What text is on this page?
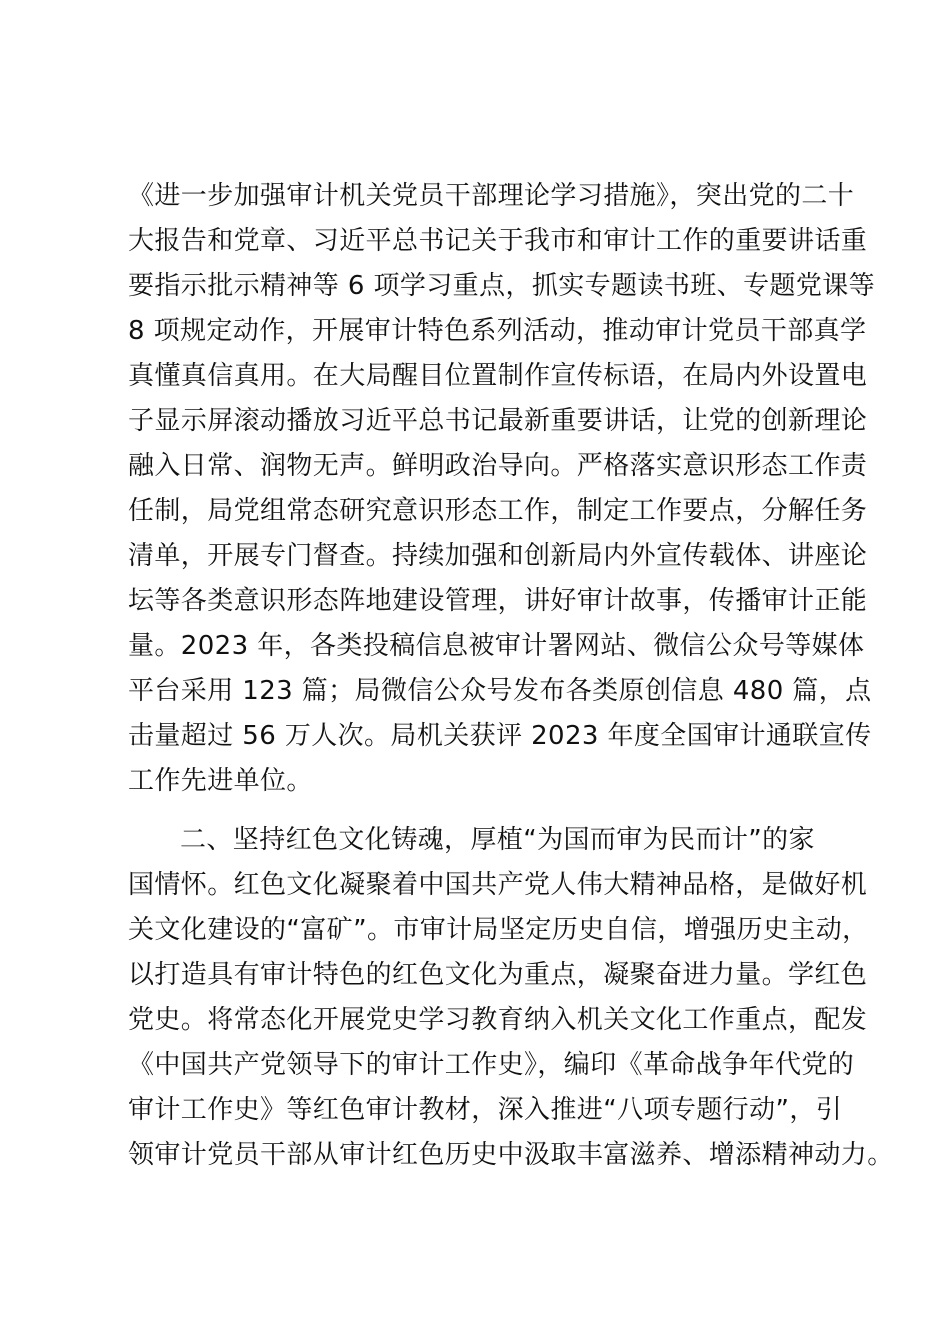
《进一步加强审计机关党员干部理论学习措施》，突出党的二十
大报告和党章、习近平总书记关于我市和审计工作的重要讲话重
要指示批示精神等 6 项学习重点，抓实专题读书班、专题党课等
8 项规定动作，开展审计特色系列活动，推动审计党员干部真学
真懂真信真用。在大局醒目位置制作宣传标语，在局内外设置电
子显示屏滚动播放习近平总书记最新重要讲话，让党的创新理论
融入日常、润物无声。鲜明政治导向。严格落实意识形态工作责
任制，局党组常态研究意识形态工作，制定工作要点，分解任务
清单，开展专门督查。持续加强和创新局内外宣传载体、讲座论
坛等各类意识形态阵地建设管理，讲好审计故事，传播审计正能
量。2023 年，各类投稿信息被审计署网站、微信公众号等媒体
平台采用 123 篇；局微信公众号发布各类原创信息 480 篇，点
击量超过 56 万人次。局机关获评 2023 年度全国审计通联宣传
工作先进单位。
二、坚持红色文化铸魂，厚植“为国而审为民而计”的家
国情怀。红色文化凝聚着中国共产党人伟大精神品格，是做好机
关文化建设的“富矿”。市审计局坚定历史自信，增强历史主动，
以打造具有审计特色的红色文化为重点，凝聚奋进力量。学红色
党史。将常态化开展党史学习教育纳入机关文化工作重点，配发
《中国共产党领导下的审计工作史》，编印《革命战争年代党的
审计工作史》等红色审计教材，深入推进“八项专题行动”，引
领审计党员干部从审计红色历史中汲取丰富滋养、增添精神动力。
